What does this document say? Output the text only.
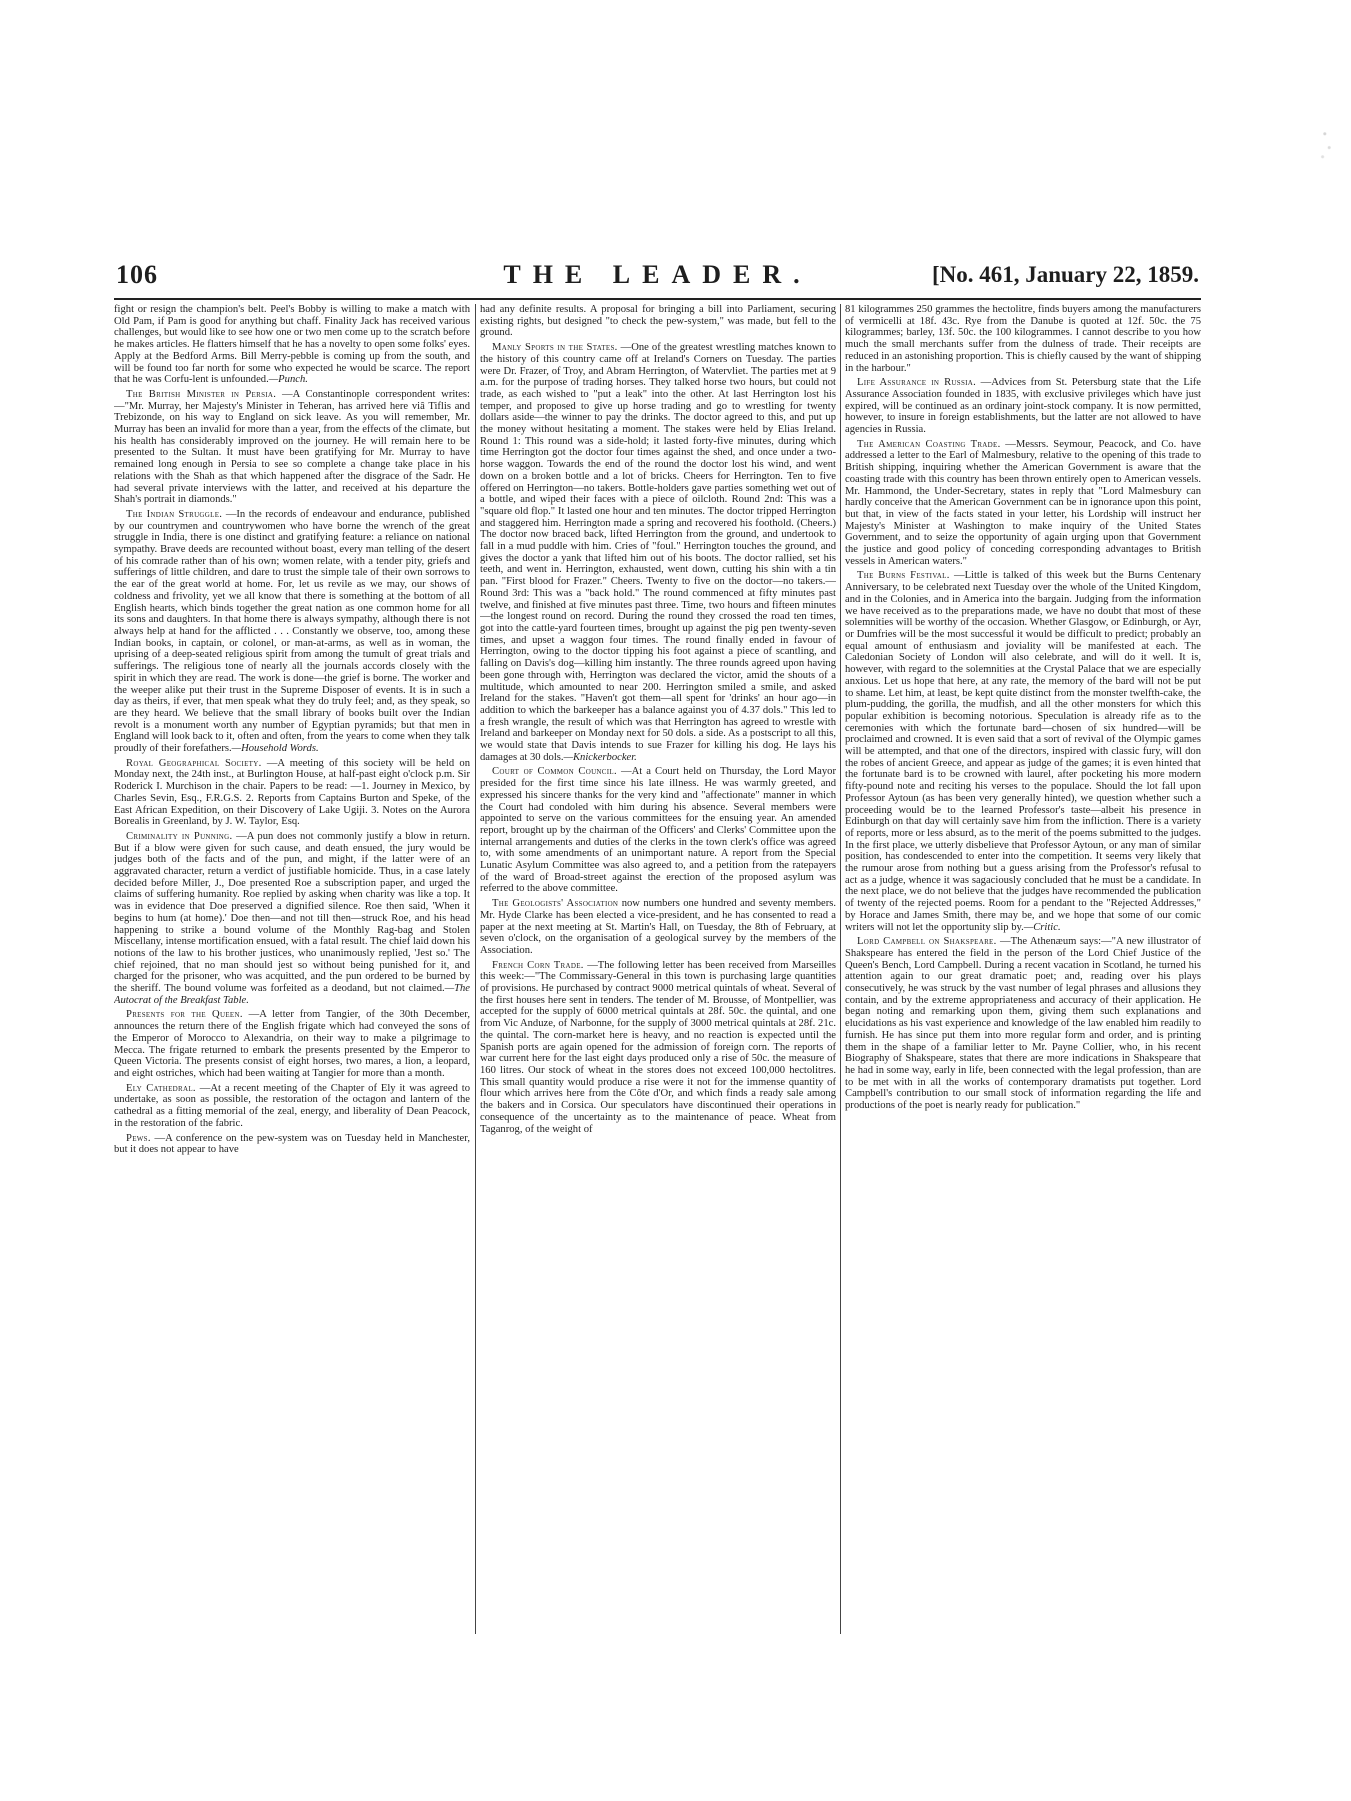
106	THE LEADER.	[No. 461, January 22, 1859.

fight or resign the champion's belt. Peel's Bobby is willing to make a match with Old Pam, if Pam is good for anything but chaff. Finality Jack has received various challenges, but would like to see how one or two men come up to the scratch before he makes articles. He flatters himself that he has a novelty to open some folks' eyes. Apply at the Bedford Arms. Bill Merry-pebble is coming up from the south, and will be found too far north for some who expected he would be scarce. The report that he was Corfu-lent is unfounded.—Punch.

The British Minister in Persia. —A Constantinople correspondent writes:—"Mr. Murray, her Majesty's Minister in Teheran, has arrived here viâ Tiflis and Trebizonde, on his way to England on sick leave. As you will remember, Mr. Murray has been an invalid for more than a year, from the effects of the climate, but his health has considerably improved on the journey. He will remain here to be presented to the Sultan. It must have been gratifying for Mr. Murray to have remained long enough in Persia to see so complete a change take place in his relations with the Shah as that which happened after the disgrace of the Sadr. He had several private interviews with the latter, and received at his departure the Shah's portrait in diamonds."

The Indian Struggle. —In the records of endeavour and endurance, published by our countrymen and countrywomen who have borne the wrench of the great struggle in India, there is one distinct and gratifying feature: a reliance on national sympathy. Brave deeds are recounted without boast, every man telling of the desert of his comrade rather than of his own; women relate, with a tender pity, griefs and sufferings of little children, and dare to trust the simple tale of their own sorrows to the ear of the great world at home. For, let us revile as we may, our shows of coldness and frivolity, yet we all know that there is something at the bottom of all English hearts, which binds together the great nation as one common home for all its sons and daughters. In that home there is always sympathy, although there is not always help at hand for the afflicted . . . Constantly we observe, too, among these Indian books, in captain, or colonel, or man-at-arms, as well as in woman, the uprising of a deep-seated religious spirit from among the tumult of great trials and sufferings. The religious tone of nearly all the journals accords closely with the spirit in which they are read. The work is done—the grief is borne. The worker and the weeper alike put their trust in the Supreme Disposer of events. It is in such a day as theirs, if ever, that men speak what they do truly feel; and, as they speak, so are they heard. We believe that the small library of books built over the Indian revolt is a monument worth any number of Egyptian pyramids; but that men in England will look back to it, often and often, from the years to come when they talk proudly of their forefathers.—Household Words.

Royal Geographical Society. —A meeting of this society will be held on Monday next, the 24th inst., at Burlington House, at half-past eight o'clock p.m. Sir Roderick I. Murchison in the chair. Papers to be read: —1. Journey in Mexico, by Charles Sevin, Esq., F.R.G.S. 2. Reports from Captains Burton and Speke, of the East African Expedition, on their Discovery of Lake Ugiji. 3. Notes on the Aurora Borealis in Greenland, by J. W. Taylor, Esq.

Criminality in Punning. —A pun does not commonly justify a blow in return. But if a blow were given for such cause, and death ensued, the jury would be judges both of the facts and of the pun, and might, if the latter were of an aggravated character, return a verdict of justifiable homicide. Thus, in a case lately decided before Miller, J., Doe presented Roe a subscription paper, and urged the claims of suffering humanity. Roe replied by asking when charity was like a top. It was in evidence that Doe preserved a dignified silence. Roe then said, 'When it begins to hum (at home).' Doe then—and not till then—struck Roe, and his head happening to strike a bound volume of the Monthly Rag-bag and Stolen Miscellany, intense mortification ensued, with a fatal result. The chief laid down his notions of the law to his brother justices, who unanimously replied, 'Jest so.' The chief rejoined, that no man should jest so without being punished for it, and charged for the prisoner, who was acquitted, and the pun ordered to be burned by the sheriff. The bound volume was forfeited as a deodand, but not claimed.—The Autocrat of the Breakfast Table.

Presents for the Queen. —A letter from Tangier, of the 30th December, announces the return there of the English frigate which had conveyed the sons of the Emperor of Morocco to Alexandria, on their way to make a pilgrimage to Mecca. The frigate returned to embark the presents presented by the Emperor to Queen Victoria. The presents consist of eight horses, two mares, a lion, a leopard, and eight ostriches, which had been waiting at Tangier for more than a month.

Ely Cathedral. —At a recent meeting of the Chapter of Ely it was agreed to undertake, as soon as possible, the restoration of the octagon and lantern of the cathedral as a fitting memorial of the zeal, energy, and liberality of Dean Peacock, in the restoration of the fabric.

Pews. —A conference on the pew-system was on Tuesday held in Manchester, but it does not appear to have

had any definite results. A proposal for bringing a bill into Parliament, securing existing rights, but designed "to check the pew-system," was made, but fell to the ground.

Manly Sports in the States. —One of the greatest wrestling matches known to the history of this country came off at Ireland's Corners on Tuesday. The parties were Dr. Frazer, of Troy, and Abram Herrington, of Watervliet. The parties met at 9 a.m. for the purpose of trading horses. They talked horse two hours, but could not trade, as each wished to "put a leak" into the other. At last Herrington lost his temper, and proposed to give up horse trading and go to wrestling for twenty dollars aside—the winner to pay the drinks. The doctor agreed to this, and put up the money without hesitating a moment. The stakes were held by Elias Ireland. Round 1: This round was a side-hold; it lasted forty-five minutes, during which time Herrington got the doctor four times against the shed, and once under a two-horse waggon. Towards the end of the round the doctor lost his wind, and went down on a broken bottle and a lot of bricks. Cheers for Herrington. Ten to five offered on Herrington—no takers. Bottle-holders gave parties something wet out of a bottle, and wiped their faces with a piece of oilcloth. Round 2nd: This was a "square old flop." It lasted one hour and ten minutes. The doctor tripped Herrington and staggered him. Herrington made a spring and recovered his foothold. (Cheers.) The doctor now braced back, lifted Herrington from the ground, and undertook to fall in a mud puddle with him. Cries of "foul." Herrington touches the ground, and gives the doctor a yank that lifted him out of his boots. The doctor rallied, set his teeth, and went in. Herrington, exhausted, went down, cutting his shin with a tin pan. "First blood for Frazer." Cheers. Twenty to five on the doctor—no takers.—Round 3rd: This was a "back hold." The round commenced at fifty minutes past twelve, and finished at five minutes past three. Time, two hours and fifteen minutes—the longest round on record. During the round they crossed the road ten times, got into the cattle-yard fourteen times, brought up against the pig pen twenty-seven times, and upset a waggon four times. The round finally ended in favour of Herrington, owing to the doctor tipping his foot against a piece of scantling, and falling on Davis's dog—killing him instantly. The three rounds agreed upon having been gone through with, Herrington was declared the victor, amid the shouts of a multitude, which amounted to near 200. Herrington smiled a smile, and asked Ireland for the stakes. "Haven't got them—all spent for 'drinks' an hour ago—in addition to which the barkeeper has a balance against you of 4.37 dols." This led to a fresh wrangle, the result of which was that Herrington has agreed to wrestle with Ireland and barkeeper on Monday next for 50 dols. a side. As a postscript to all this, we would state that Davis intends to sue Frazer for killing his dog. He lays his damages at 30 dols.—Knickerbocker.

Court of Common Council. —At a Court held on Thursday, the Lord Mayor presided for the first time since his late illness. He was warmly greeted, and expressed his sincere thanks for the very kind and "affectionate" manner in which the Court had condoled with him during his absence. Several members were appointed to serve on the various committees for the ensuing year. An amended report, brought up by the chairman of the Officers' and Clerks' Committee upon the internal arrangements and duties of the clerks in the town clerk's office was agreed to, with some amendments of an unimportant nature. A report from the Special Lunatic Asylum Committee was also agreed to, and a petition from the ratepayers of the ward of Broad-street against the erection of the proposed asylum was referred to the above committee.

The Geologists' Association now numbers one hundred and seventy members. Mr. Hyde Clarke has been elected a vice-president, and he has consented to read a paper at the next meeting at St. Martin's Hall, on Tuesday, the 8th of February, at seven o'clock, on the organisation of a geological survey by the members of the Association.

French Corn Trade. —The following letter has been received from Marseilles this week:—"The Commissary-General in this town is purchasing large quantities of provisions. He purchased by contract 9000 metrical quintals of wheat. Several of the first houses here sent in tenders. The tender of M. Brousse, of Montpellier, was accepted for the supply of 6000 metrical quintals at 28f. 50c. the quintal, and one from Vic Anduze, of Narbonne, for the supply of 3000 metrical quintals at 28f. 21c. the quintal. The corn-market here is heavy, and no reaction is expected until the Spanish ports are again opened for the admission of foreign corn. The reports of war current here for the last eight days produced only a rise of 50c. the measure of 160 litres. Our stock of wheat in the stores does not exceed 100,000 hectolitres. This small quantity would produce a rise were it not for the immense quantity of flour which arrives here from the Côte d'Or, and which finds a ready sale among the bakers and in Corsica. Our speculators have discontinued their operations in consequence of the uncertainty as to the maintenance of peace. Wheat from Taganrog, of the weight of

81 kilogrammes 250 grammes the hectolitre, finds buyers among the manufacturers of vermicelli at 18f. 43c. Rye from the Danube is quoted at 12f. 50c. the 75 kilogrammes; barley, 13f. 50c. the 100 kilogrammes. I cannot describe to you how much the small merchants suffer from the dulness of trade. Their receipts are reduced in an astonishing proportion. This is chiefly caused by the want of shipping in the harbour."

Life Assurance in Russia. —Advices from St. Petersburg state that the Life Assurance Association founded in 1835, with exclusive privileges which have just expired, will be continued as an ordinary joint-stock company. It is now permitted, however, to insure in foreign establishments, but the latter are not allowed to have agencies in Russia.

The American Coasting Trade. —Messrs. Seymour, Peacock, and Co. have addressed a letter to the Earl of Malmesbury, relative to the opening of this trade to British shipping, inquiring whether the American Government is aware that the coasting trade with this country has been thrown entirely open to American vessels. Mr. Hammond, the Under-Secretary, states in reply that "Lord Malmesbury can hardly conceive that the American Government can be in ignorance upon this point, but that, in view of the facts stated in your letter, his Lordship will instruct her Majesty's Minister at Washington to make inquiry of the United States Government, and to seize the opportunity of again urging upon that Government the justice and good policy of conceding corresponding advantages to British vessels in American waters."

The Burns Festival. —Little is talked of this week but the Burns Centenary Anniversary, to be celebrated next Tuesday over the whole of the United Kingdom, and in the Colonies, and in America into the bargain. Judging from the information we have received as to the preparations made, we have no doubt that most of these solemnities will be worthy of the occasion. Whether Glasgow, or Edinburgh, or Ayr, or Dumfries will be the most successful it would be difficult to predict; probably an equal amount of enthusiasm and joviality will be manifested at each. The Caledonian Society of London will also celebrate, and will do it well. It is, however, with regard to the solemnities at the Crystal Palace that we are especially anxious. Let us hope that here, at any rate, the memory of the bard will not be put to shame. Let him, at least, be kept quite distinct from the monster twelfth-cake, the plum-pudding, the gorilla, the mudfish, and all the other monsters for which this popular exhibition is becoming notorious. Speculation is already rife as to the ceremonies with which the fortunate bard—chosen of six hundred—will be proclaimed and crowned. It is even said that a sort of revival of the Olympic games will be attempted, and that one of the directors, inspired with classic fury, will don the robes of ancient Greece, and appear as judge of the games; it is even hinted that the fortunate bard is to be crowned with laurel, after pocketing his more modern fifty-pound note and reciting his verses to the populace. Should the lot fall upon Professor Aytoun (as has been very generally hinted), we question whether such a proceeding would be to the learned Professor's taste—albeit his presence in Edinburgh on that day will certainly save him from the infliction. There is a variety of reports, more or less absurd, as to the merit of the poems submitted to the judges. In the first place, we utterly disbelieve that Professor Aytoun, or any man of similar position, has condescended to enter into the competition. It seems very likely that the rumour arose from nothing but a guess arising from the Professor's refusal to act as a judge, whence it was sagaciously concluded that he must be a candidate. In the next place, we do not believe that the judges have recommended the publication of twenty of the rejected poems. Room for a pendant to the "Rejected Addresses," by Horace and James Smith, there may be, and we hope that some of our comic writers will not let the opportunity slip by.—Critic.

Lord Campbell on Shakspeare. —The Athenæum says:—"A new illustrator of Shakspeare has entered the field in the person of the Lord Chief Justice of the Queen's Bench, Lord Campbell. During a recent vacation in Scotland, he turned his attention again to our great dramatic poet; and, reading over his plays consecutively, he was struck by the vast number of legal phrases and allusions they contain, and by the extreme appropriateness and accuracy of their application. He began noting and remarking upon them, giving them such explanations and elucidations as his vast experience and knowledge of the law enabled him readily to furnish. He has since put them into more regular form and order, and is printing them in the shape of a familiar letter to Mr. Payne Collier, who, in his recent Biography of Shakspeare, states that there are more indications in Shakspeare that he had in some way, early in life, been connected with the legal profession, than are to be met with in all the works of contemporary dramatists put together. Lord Campbell's contribution to our small stock of information regarding the life and productions of the poet is nearly ready for publication."
